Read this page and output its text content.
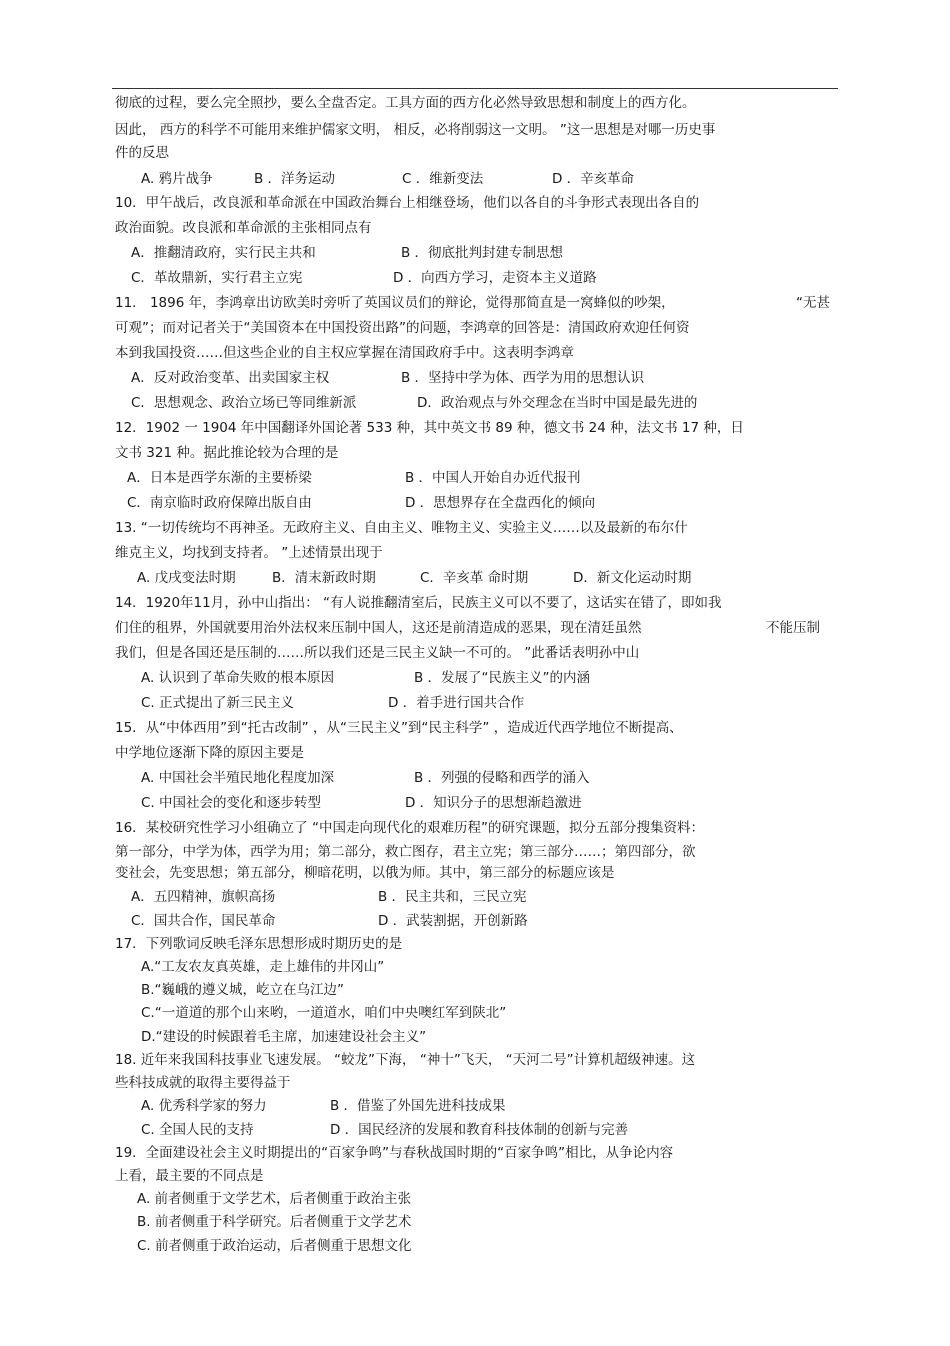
彻底的过程，要么完全照抄，要么全盘否定。工具方面的西方化必然导致思想和制度上的西方化。
因此， 西方的科学不可能用来维护儒家文明， 相反，必将削弱这一文明。 ”这一思想是对哪一历史事
件的反思
A. 鸦片战争	B ．洋务运动	C ．维新变法	D ．辛亥革命
10．甲午战后，改良派和革命派在中国政治舞台上相继登场，他们以各自的斗争形式表现出各自的
政治面貌。改良派和革命派的主张相同点有
A．推翻清政府，实行民主共和	B ．彻底批判封建专制思想
C．革故鼎新，实行君主立宪	D ．向西方学习，走资本主义道路
11． 1896 年，李鸿章出访欧美时旁听了英国议员们的辩论，觉得那简直是一窝蜂似的吵架，	“无甚
可观”；而对记者关于“美国资本在中国投资出路”的问题，李鸿章的回答是：清国政府欢迎任何资
本到我国投资……但这些企业的自主权应掌握在清国政府手中。这表明李鸿章
A．反对政治变革、出卖国家主权	B ．坚持中学为体、西学为用的思想认识
C．思想观念、政治立场已等同维新派	D．政治观点与外交理念在当时中国是最先进的
12．1902 一 1904 年中国翻译外国论著 533 种，其中英文书 89 种，德文书 24 种，法文书 17 种，日
文书 321 种。据此推论较为合理的是
A．日本是西学东渐的主要桥梁	B ．中国人开始自办近代报刊
C．南京临时政府保障出版自由	D ．思想界存在全盘西化的倾向
13. “一切传统均不再神圣。无政府主义、自由主义、唯物主义、实验主义……以及最新的布尔什
维克主义，均找到支持者。 ”上述情景出现于
A. 戊戌变法时期	B．清末新政时期	C．辛亥革 命时期	D．新文化运动时期
14．1920年11月，孙中山指出： “有人说推翻清室后，民族主义可以不要了，这话实在错了，即如我
们住的租界，外国就要用治外法权来压制中国人，这还是前清造成的恶果，现在清廷虽然	不能压制
我们，但是各国还是压制的……所以我们还是三民主义缺一不可的。 ”此番话表明孙中山
A. 认识到了革命失败的根本原因	B ．发展了“民族主义”的内涵
C. 正式提出了新三民主义	D ．着手进行国共合作
15．从“中体西用”到“托古改制” ，从“三民主义”到“民主科学” ，造成近代西学地位不断提高、
中学地位逐渐下降的原因主要是
A. 中国社会半殖民地化程度加深	B ．列强的侵略和西学的涌入
C. 中国社会的变化和逐步转型	D ．知识分子的思想渐趋激进
16．某校研究性学习小组确立了 “中国走向现代化的艰难历程”的研究课题，拟分五部分搜集资料：
第一部分，中学为体，西学为用；第二部分，救亡图存，君主立宪；第三部分……；第四部分，欲
变社会，先变思想；第五部分，柳暗花明，以俄为师。其中，第三部分的标题应该是
A．五四精神，旗帜高扬	B ．民主共和，三民立宪
C．国共合作，国民革命	D ．武装割据，开创新路
17．下列歌词反映毛泽东思想形成时期历史的是
A.“工友农友真英雄，走上雄伟的井冈山”
B.“巍峨的遵义城，屹立在乌江边”
C.“一道道的那个山来哟，一道道水，咱们中央噢红军到陕北”
D.“建设的时候跟着毛主席，加速建设社会主义”
18. 近年来我国科技事业飞速发展。 “蛟龙”下海， “神十”飞天， “天河二号”计算机超级神速。这
些科技成就的取得主要得益于
A. 优秀科学家的努力	B ．借鉴了外国先进科技成果
C. 全国人民的支持	D ．国民经济的发展和教育科技体制的创新与完善
19．全面建设社会主义时期提出的“百家争鸣”与春秋战国时期的“百家争鸣”相比，从争论内容
上看，最主要的不同点是
A. 前者侧重于文学艺术，后者侧重于政治主张
B. 前者侧重于科学研究。后者侧重于文学艺术
C. 前者侧重于政治运动，后者侧重于思想文化
